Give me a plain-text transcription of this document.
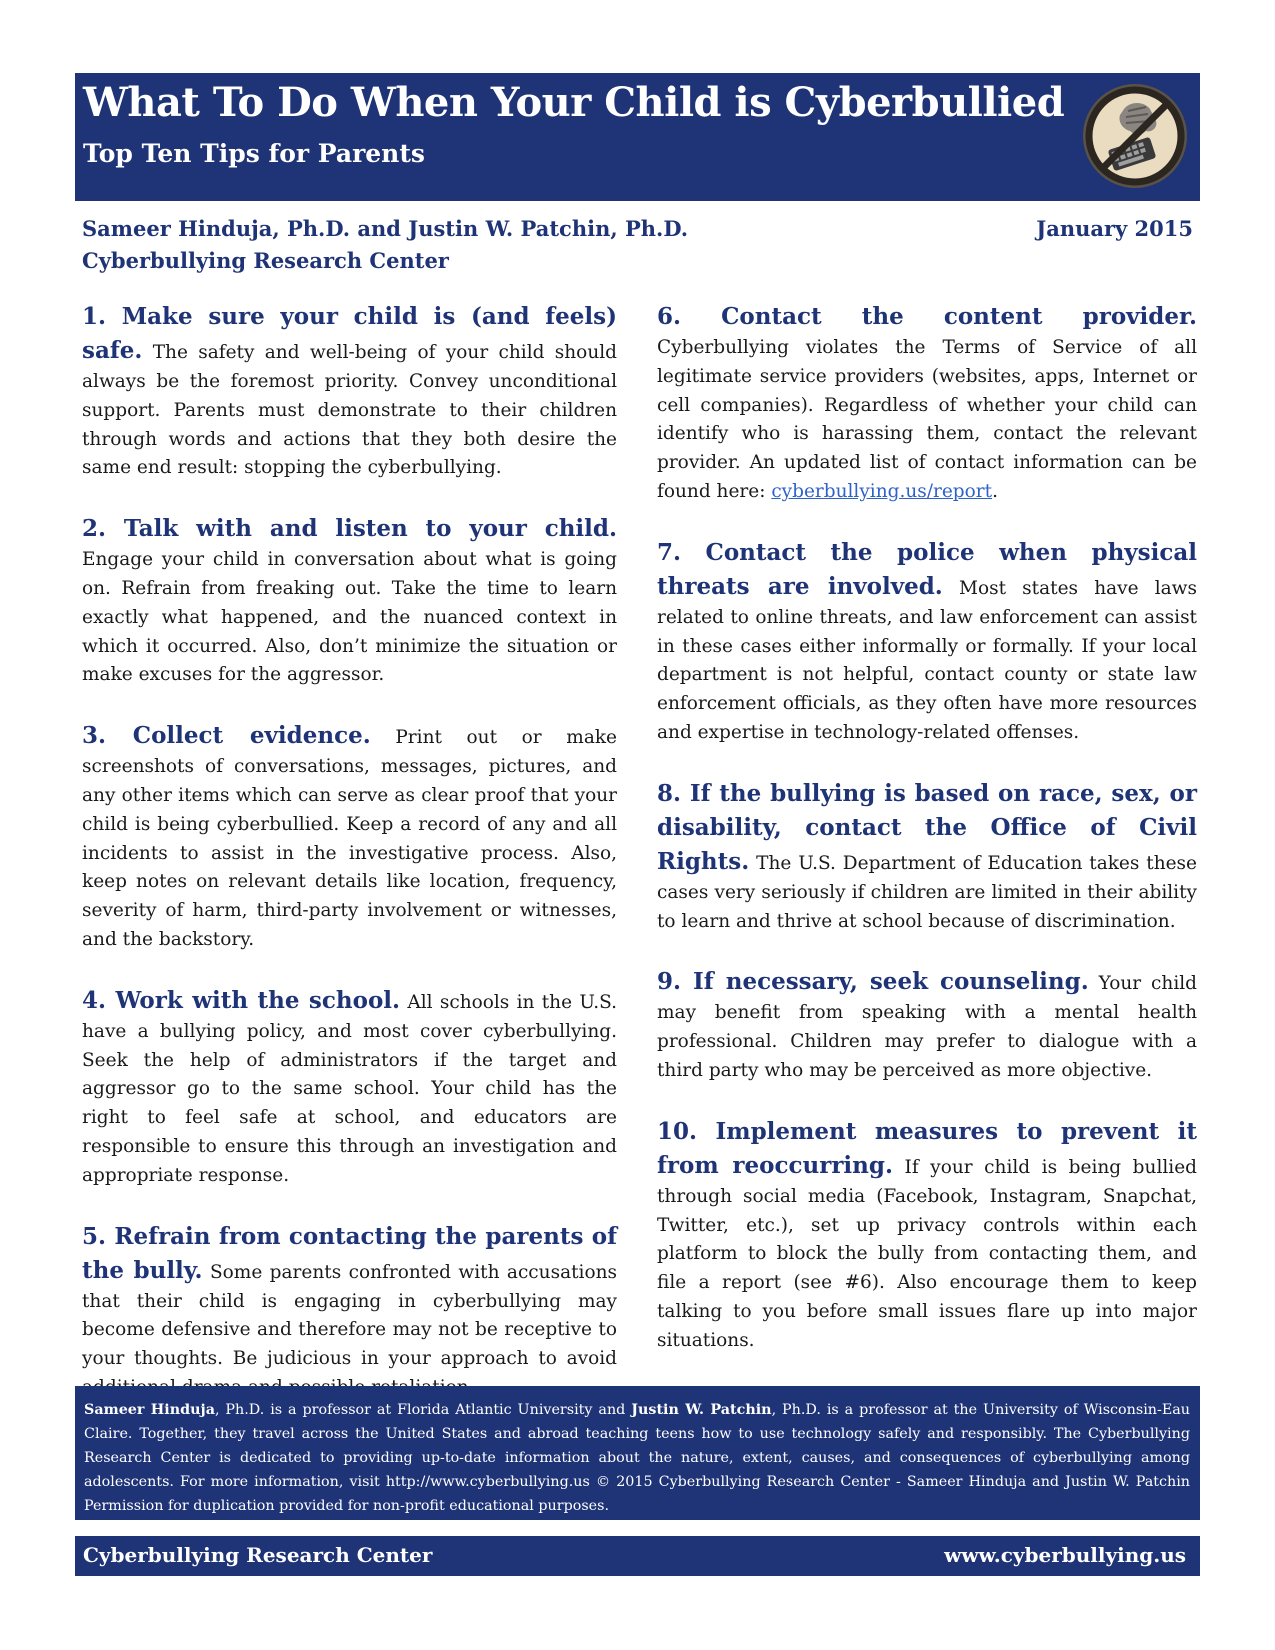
What To Do When Your Child is Cyberbullied
Top Ten Tips for Parents
Sameer Hinduja, Ph.D. and Justin W. Patchin, Ph.D.
Cyberbullying Research Center
January 2015

1. Make sure your child is (and feels) safe. The safety and well-being of your child should always be the foremost priority. Convey unconditional support. Parents must demonstrate to their children through words and actions that they both desire the same end result: stopping the cyberbullying.

2. Talk with and listen to your child. Engage your child in conversation about what is going on. Refrain from freaking out. Take the time to learn exactly what happened, and the nuanced context in which it occurred. Also, don’t minimize the situation or make excuses for the aggressor.

3. Collect evidence. Print out or make screenshots of conversations, messages, pictures, and any other items which can serve as clear proof that your child is being cyberbullied. Keep a record of any and all incidents to assist in the investigative process. Also, keep notes on relevant details like location, frequency, severity of harm, third-party involvement or witnesses, and the backstory.

4. Work with the school. All schools in the U.S. have a bullying policy, and most cover cyberbullying. Seek the help of administrators if the target and aggressor go to the same school. Your child has the right to feel safe at school, and educators are responsible to ensure this through an investigation and appropriate response.

5. Refrain from contacting the parents of the bully. Some parents confronted with accusations that their child is engaging in cyberbullying may become defensive and therefore may not be receptive to your thoughts. Be judicious in your approach to avoid

6. Contact the content provider. Cyberbullying violates the Terms of Service of all legitimate service providers (websites, apps, Internet or cell companies). Regardless of whether your child can identify who is harassing them, contact the relevant provider. An updated list of contact information can be found here: cyberbullying.us/report.

7. Contact the police when physical threats are involved. Most states have laws related to online threats, and law enforcement can assist in these cases either informally or formally. If your local department is not helpful, contact county or state law enforcement officials, as they often have more resources and expertise in technology-related offenses.

8. If the bullying is based on race, sex, or disability, contact the Office of Civil Rights. The U.S. Department of Education takes these cases very seriously if children are limited in their ability to learn and thrive at school because of discrimination.

9. If necessary, seek counseling. Your child may benefit from speaking with a mental health professional. Children may prefer to dialogue with a third party who may be perceived as more objective.

10. Implement measures to prevent it from reoccurring. If your child is being bullied through social media (Facebook, Instagram, Snapchat, Twitter, etc.), set up privacy controls within each platform to block the bully from contacting them, and file a report (see #6). Also encourage them to keep talking to you before small issues flare up into major situations.

Sameer Hinduja, Ph.D. is a professor at Florida Atlantic University and Justin W. Patchin, Ph.D. is a professor at the University of Wisconsin-Eau Claire. Together, they travel across the United States and abroad teaching teens how to use technology safely and responsibly. The Cyberbullying Research Center is dedicated to providing up-to-date information about the nature, extent, causes, and consequences of cyberbullying among adolescents. For more information, visit http://www.cyberbullying.us © 2015 Cyberbullying Research Center - Sameer Hinduja and Justin W. Patchin Permission for duplication provided for non-profit educational purposes.
Cyberbullying Research Center	www.cyberbullying.us
